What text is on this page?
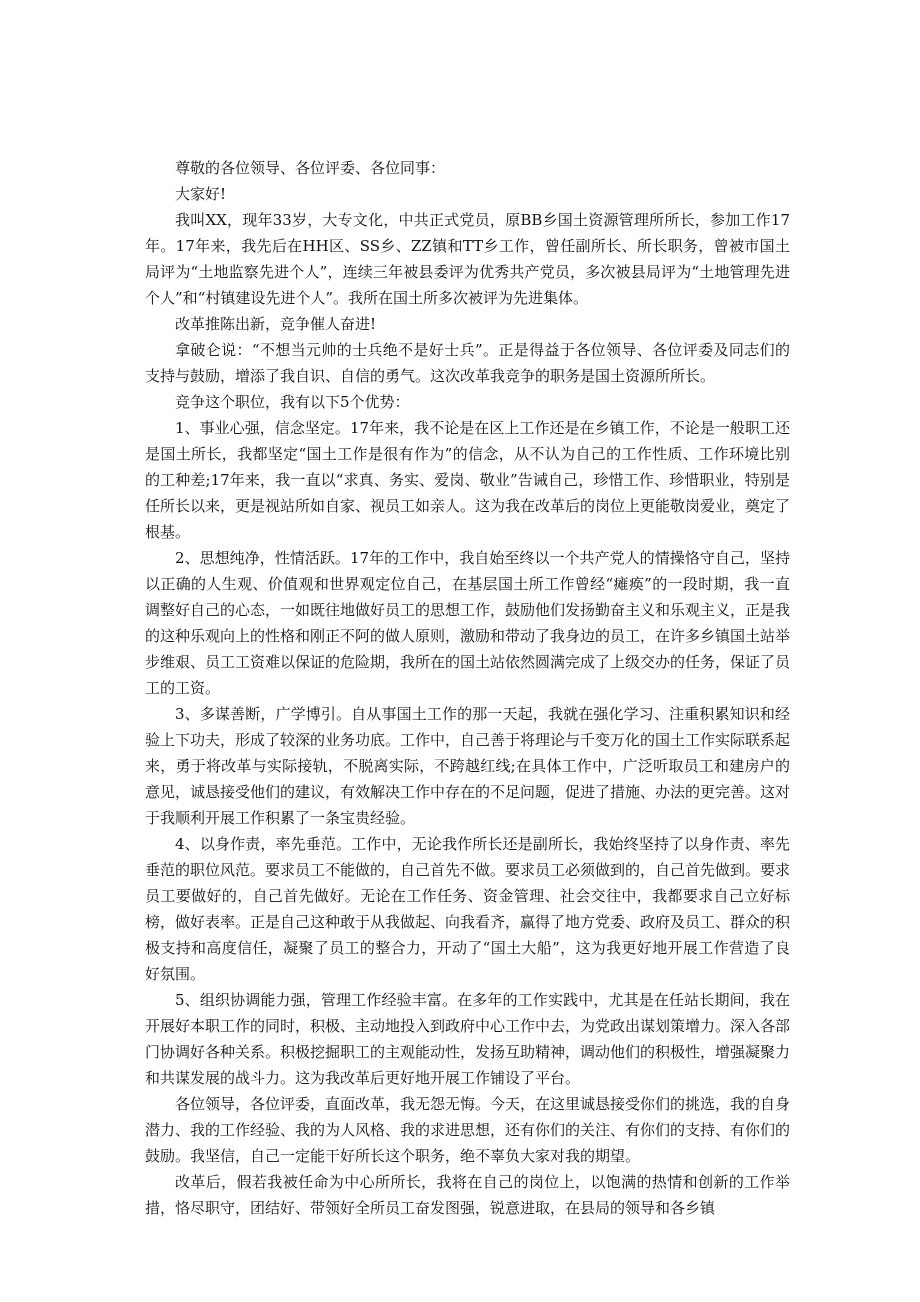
尊敬的各位领导、各位评委、各位同事：

大家好!

我叫XX，现年33岁，大专文化，中共正式党员，原BB乡国土资源管理所所长，参加工作17年。17年来，我先后在HH区、SS乡、ZZ镇和TT乡工作，曾任副所长、所长职务，曾被市国土局评为“土地监察先进个人”，连续三年被县委评为优秀共产党员，多次被县局评为“土地管理先进个人”和“村镇建设先进个人”。我所在国土所多次被评为先进集体。

改革推陈出新，竞争催人奋进!

拿破仑说：“不想当元帅的士兵绝不是好士兵”。正是得益于各位领导、各位评委及同志们的支持与鼓励，增添了我自识、自信的勇气。这次改革我竞争的职务是国土资源所所长。

竞争这个职位，我有以下5个优势：

1、事业心强，信念坚定。17年来，我不论是在区上工作还是在乡镇工作，不论是一般职工还是国土所长，我都坚定“国土工作是很有作为”的信念，从不认为自己的工作性质、工作环境比别的工种差;17年来，我一直以“求真、务实、爱岗、敬业”告诫自己，珍惜工作、珍惜职业，特别是任所长以来，更是视站所如自家、视员工如亲人。这为我在改革后的岗位上更能敬岗爱业，奠定了根基。

2、思想纯净，性情活跃。17年的工作中，我自始至终以一个共产党人的情操恪守自己，坚持以正确的人生观、价值观和世界观定位自己，在基层国土所工作曾经“瘫痪”的一段时期，我一直调整好自己的心态，一如既往地做好员工的思想工作，鼓励他们发扬勤奋主义和乐观主义，正是我的这种乐观向上的性格和刚正不阿的做人原则，激励和带动了我身边的员工，在许多乡镇国土站举步维艰、员工工资难以保证的危险期，我所在的国土站依然圆满完成了上级交办的任务，保证了员工的工资。

3、多谋善断，广学博引。自从事国土工作的那一天起，我就在强化学习、注重积累知识和经验上下功夫，形成了较深的业务功底。工作中，自己善于将理论与千变万化的国土工作实际联系起来，勇于将改革与实际接轨，不脱离实际，不跨越红线;在具体工作中，广泛听取员工和建房户的意见，诚恳接受他们的建议，有效解决工作中存在的不足问题，促进了措施、办法的更完善。这对于我顺利开展工作积累了一条宝贵经验。

4、以身作责，率先垂范。工作中，无论我作所长还是副所长，我始终坚持了以身作责、率先垂范的职位风范。要求员工不能做的，自己首先不做。要求员工必须做到的，自己首先做到。要求员工要做好的，自己首先做好。无论在工作任务、资金管理、社会交往中，我都要求自己立好标榜，做好表率。正是自己这种敢于从我做起、向我看齐，赢得了地方党委、政府及员工、群众的积极支持和高度信任，凝聚了员工的整合力，开动了“国土大船”，这为我更好地开展工作营造了良好氛围。

5、组织协调能力强，管理工作经验丰富。在多年的工作实践中，尤其是在任站长期间，我在开展好本职工作的同时，积极、主动地投入到政府中心工作中去，为党政出谋划策增力。深入各部门协调好各种关系。积极挖掘职工的主观能动性，发扬互助精神，调动他们的积极性，增强凝聚力和共谋发展的战斗力。这为我改革后更好地开展工作铺设了平台。

各位领导，各位评委，直面改革，我无怨无悔。今天，在这里诚恳接受你们的挑选，我的自身潜力、我的工作经验、我的为人风格、我的求进思想，还有你们的关注、有你们的支持、有你们的鼓励。我坚信，自己一定能干好所长这个职务，绝不辜负大家对我的期望。

改革后，假若我被任命为中心所所长，我将在自己的岗位上，以饱满的热情和创新的工作举措，恪尽职守，团结好、带领好全所员工奋发图强，锐意进取，在县局的领导和各乡镇
